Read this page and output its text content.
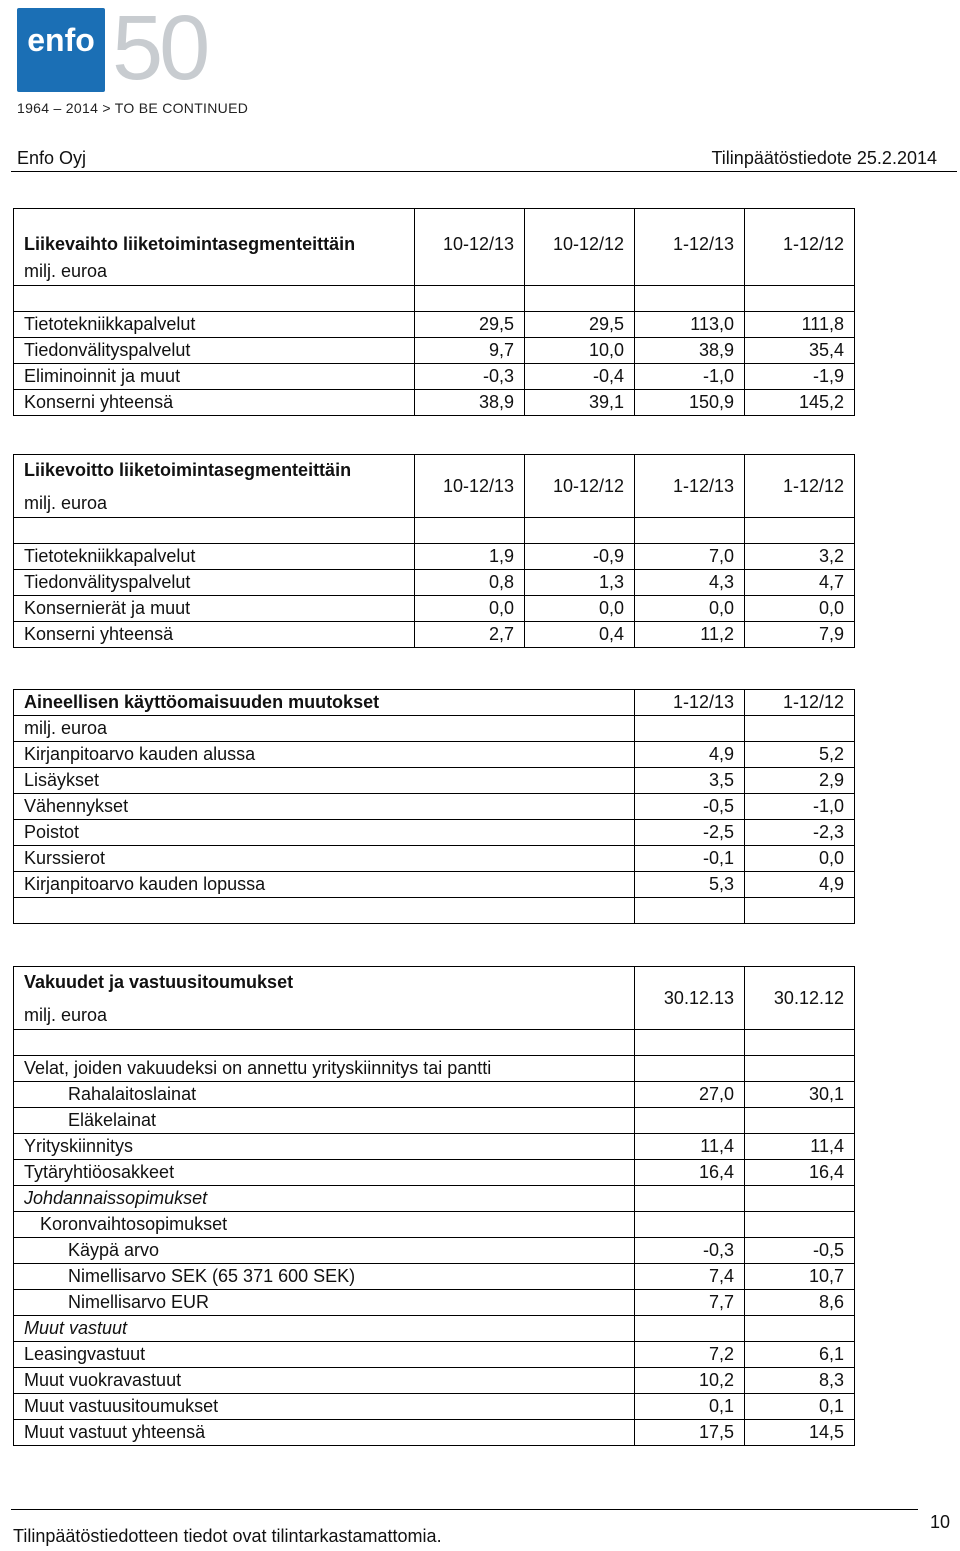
enfo 50
1964 – 2014 > TO BE CONTINUED
Enfo Oyj	Tilinpäätöstiedote 25.2.2014
Liikevaihto liiketoimintasegmenteittäin
milj. euroa	10-12/13	10-12/12	1-12/13	1-12/12

Tietotekniikkapalvelut	29,5	29,5	113,0	111,8
Tiedonvälityspalvelut	9,7	10,0	38,9	35,4
Eliminoinnit ja muut	-0,3	-0,4	-1,0	-1,9
Konserni yhteensä	38,9	39,1	150,9	145,2
Liikevoitto liiketoimintasegmenteittäin
milj. euroa	10-12/13	10-12/12	1-12/13	1-12/12

Tietotekniikkapalvelut	1,9	-0,9	7,0	3,2
Tiedonvälityspalvelut	0,8	1,3	4,3	4,7
Konsernierät ja muut	0,0	0,0	0,0	0,0
Konserni yhteensä	2,7	0,4	11,2	7,9
Aineellisen käyttöomaisuuden muutokset	1-12/13	1-12/12
milj. euroa		
Kirjanpitoarvo kauden alussa	4,9	5,2
Lisäykset	3,5	2,9
Vähennykset	-0,5	-1,0
Poistot	-2,5	-2,3
Kurssierot	-0,1	0,0
Kirjanpitoarvo kauden lopussa	5,3	4,9

Vakuudet ja vastuusitoumukset
milj. euroa	30.12.13	30.12.12

Velat, joiden vakuudeksi on annettu yrityskiinnitys tai pantti		
Rahalaitoslainat	27,0	30,1
Eläkelainat		
Yrityskiinnitys	11,4	11,4
Tytäryhtiöosakkeet	16,4	16,4
Johdannaissopimukset		
Koronvaihtosopimukset		
Käypä arvo	-0,3	-0,5
Nimellisarvo SEK (65 371 600 SEK)	7,4	10,7
Nimellisarvo EUR	7,7	8,6
Muut vastuut		
Leasingvastuut	7,2	6,1
Muut vuokravastuut	10,2	8,3
Muut vastuusitoumukset	0,1	0,1
Muut vastuut yhteensä	17,5	14,5
Tilinpäätöstiedotteen tiedot ovat tilintarkastamattomia.
10
